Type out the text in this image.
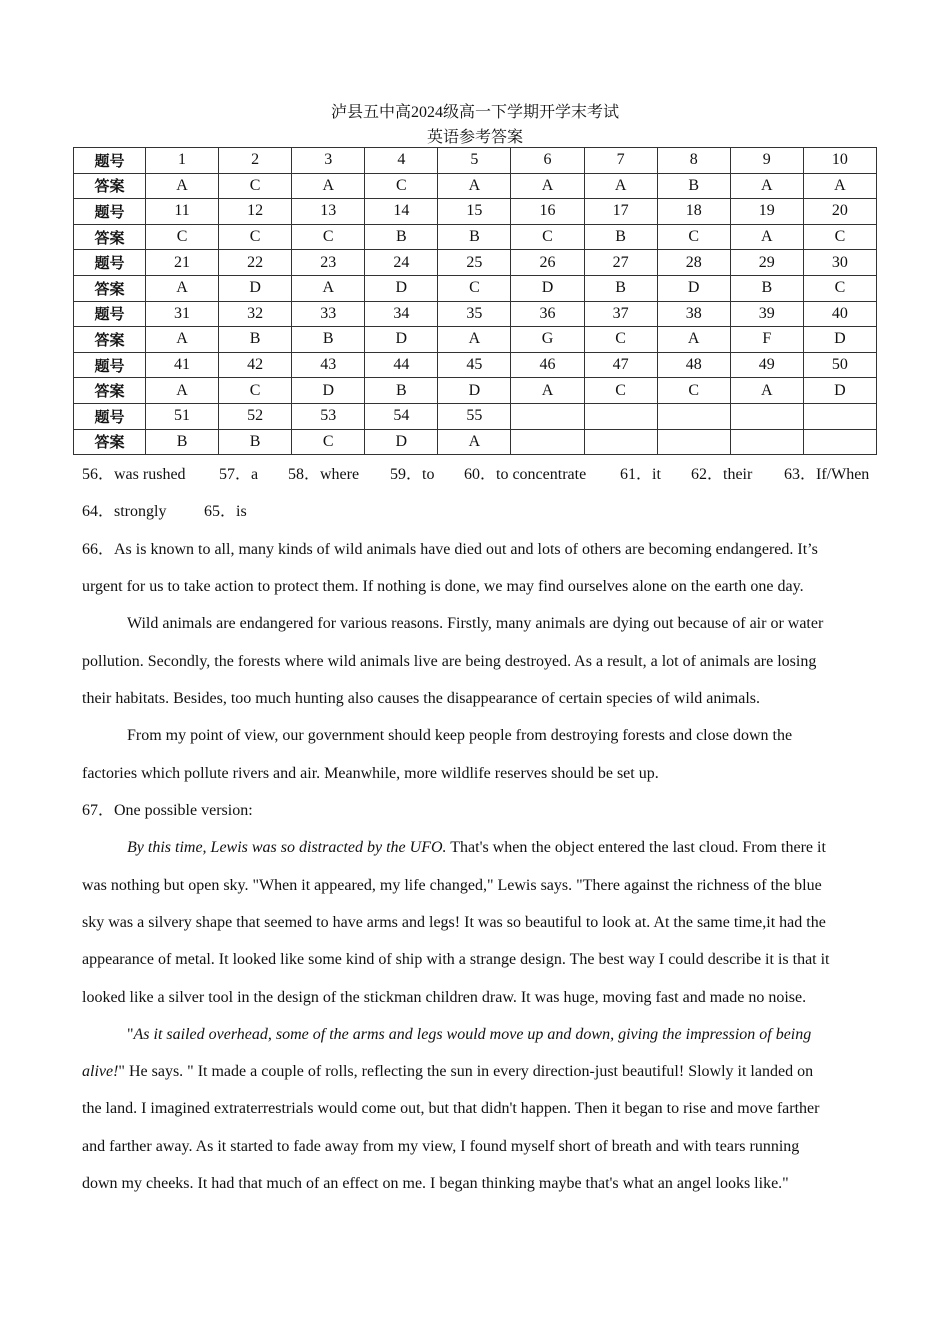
泸县五中高2024级高一下学期开学末考试
英语参考答案
题号	1	2	3	4	5	6	7	8	9	10
答案	A	C	A	C	A	A	A	B	A	A
题号	11	12	13	14	15	16	17	18	19	20
答案	C	C	C	B	B	C	B	C	A	C
题号	21	22	23	24	25	26	27	28	29	30
答案	A	D	A	D	C	D	B	D	B	C
题号	31	32	33	34	35	36	37	38	39	40
答案	A	B	B	D	A	G	C	A	F	D
题号	41	42	43	44	45	46	47	48	49	50
答案	A	C	D	B	D	A	C	C	A	D
题号	51	52	53	54	55					
答案	B	B	C	D	A					
56．was rushed 57．a 58．where 59．to 60．to concentrate 61．it 62．their 63．If/When
64．strongly 65．is
66．As is known to all, many kinds of wild animals have died out and lots of others are becoming endangered. It’s
urgent for us to take action to protect them. If nothing is done, we may find ourselves alone on the earth one day.
Wild animals are endangered for various reasons. Firstly, many animals are dying out because of air or water
pollution. Secondly, the forests where wild animals live are being destroyed. As a result, a lot of animals are losing
their habitats. Besides, too much hunting also causes the disappearance of certain species of wild animals.
From my point of view, our government should keep people from destroying forests and close down the
factories which pollute rivers and air. Meanwhile, more wildlife reserves should be set up.
67．One possible version:
By this time, Lewis was so distracted by the UFO. That's when the object entered the last cloud. From there it
was nothing but open sky. "When it appeared, my life changed," Lewis says. "There against the richness of the blue
sky was a silvery shape that seemed to have arms and legs! It was so beautiful to look at. At the same time,it had the
appearance of metal. It looked like some kind of ship with a strange design. The best way I could describe it is that it
looked like a silver tool in the design of the stickman children draw. It was huge, moving fast and made no noise.
"As it sailed overhead, some of the arms and legs would move up and down, giving the impression of being
alive!" He says. " It made a couple of rolls, reflecting the sun in every direction-just beautiful! Slowly it landed on
the land. I imagined extraterrestrials would come out, but that didn't happen. Then it began to rise and move farther
and farther away. As it started to fade away from my view, I found myself short of breath and with tears running
down my cheeks. It had that much of an effect on me. I began thinking maybe that's what an angel looks like."
